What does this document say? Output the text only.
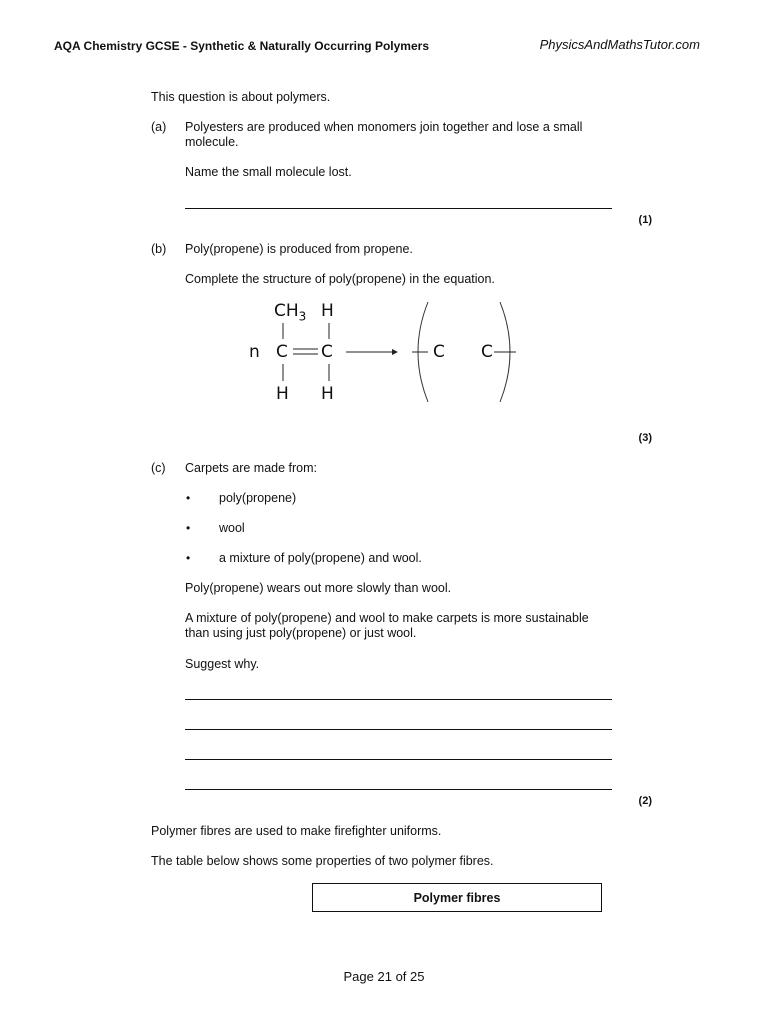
AQA Chemistry GCSE - Synthetic & Naturally Occurring Polymers	PhysicsAndMathsTutor.com
This question is about polymers.
(a) Polyesters are produced when monomers join together and lose a small
molecule.
Name the small molecule lost.
(1)
(b) Poly(propene) is produced from propene.
Complete the structure of poly(propene) in the equation.
$CH_3$ H
n C C
H H
C C
(3)
(c) Carpets are made from:
• poly(propene)
• wool
• a mixture of poly(propene) and wool.
Poly(propene) wears out more slowly than wool.
A mixture of poly(propene) and wool to make carpets is more sustainable
than using just poly(propene) or just wool.
Suggest why.
(2)
Polymer fibres are used to make firefighter uniforms.
The table below shows some properties of two polymer fibres.
Polymer fibres
Page 21 of 25
